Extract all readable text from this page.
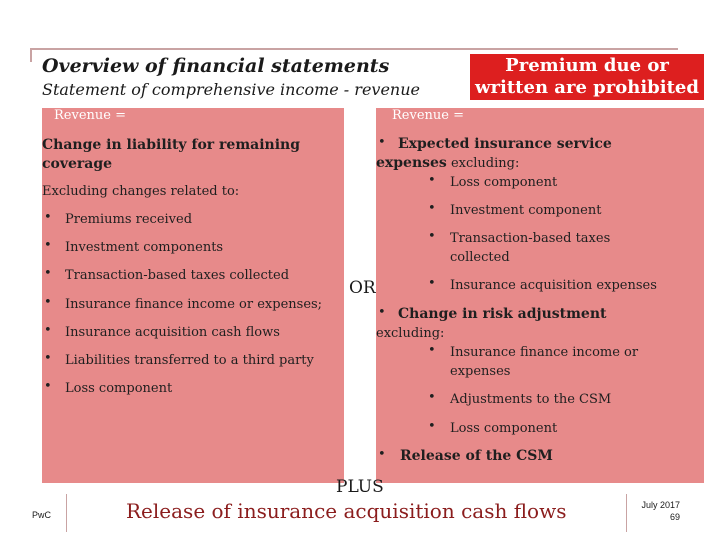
Overview of financial statements
Statement of comprehensive income - revenue
Premium due or
written are prohibited
Revenue =
Change in liability for remaining
coverage
Excluding changes related to:
• Premiums received
• Investment components
• Transaction-based taxes collected
• Insurance finance income or expenses;
• Insurance acquisition cash flows
• Liabilities transferred to a third party
• Loss component
OR
Revenue =
• Expected insurance service
expenses excluding:
• Loss component
• Investment component
• Transaction-based taxes
collected
• Insurance acquisition expenses
• Change in risk adjustment
excluding:
• Insurance finance income or
expenses
• Adjustments to the CSM
• Loss component
• Release of the CSM
PLUS
Release of insurance acquisition cash flows
PwC
July 2017
69
